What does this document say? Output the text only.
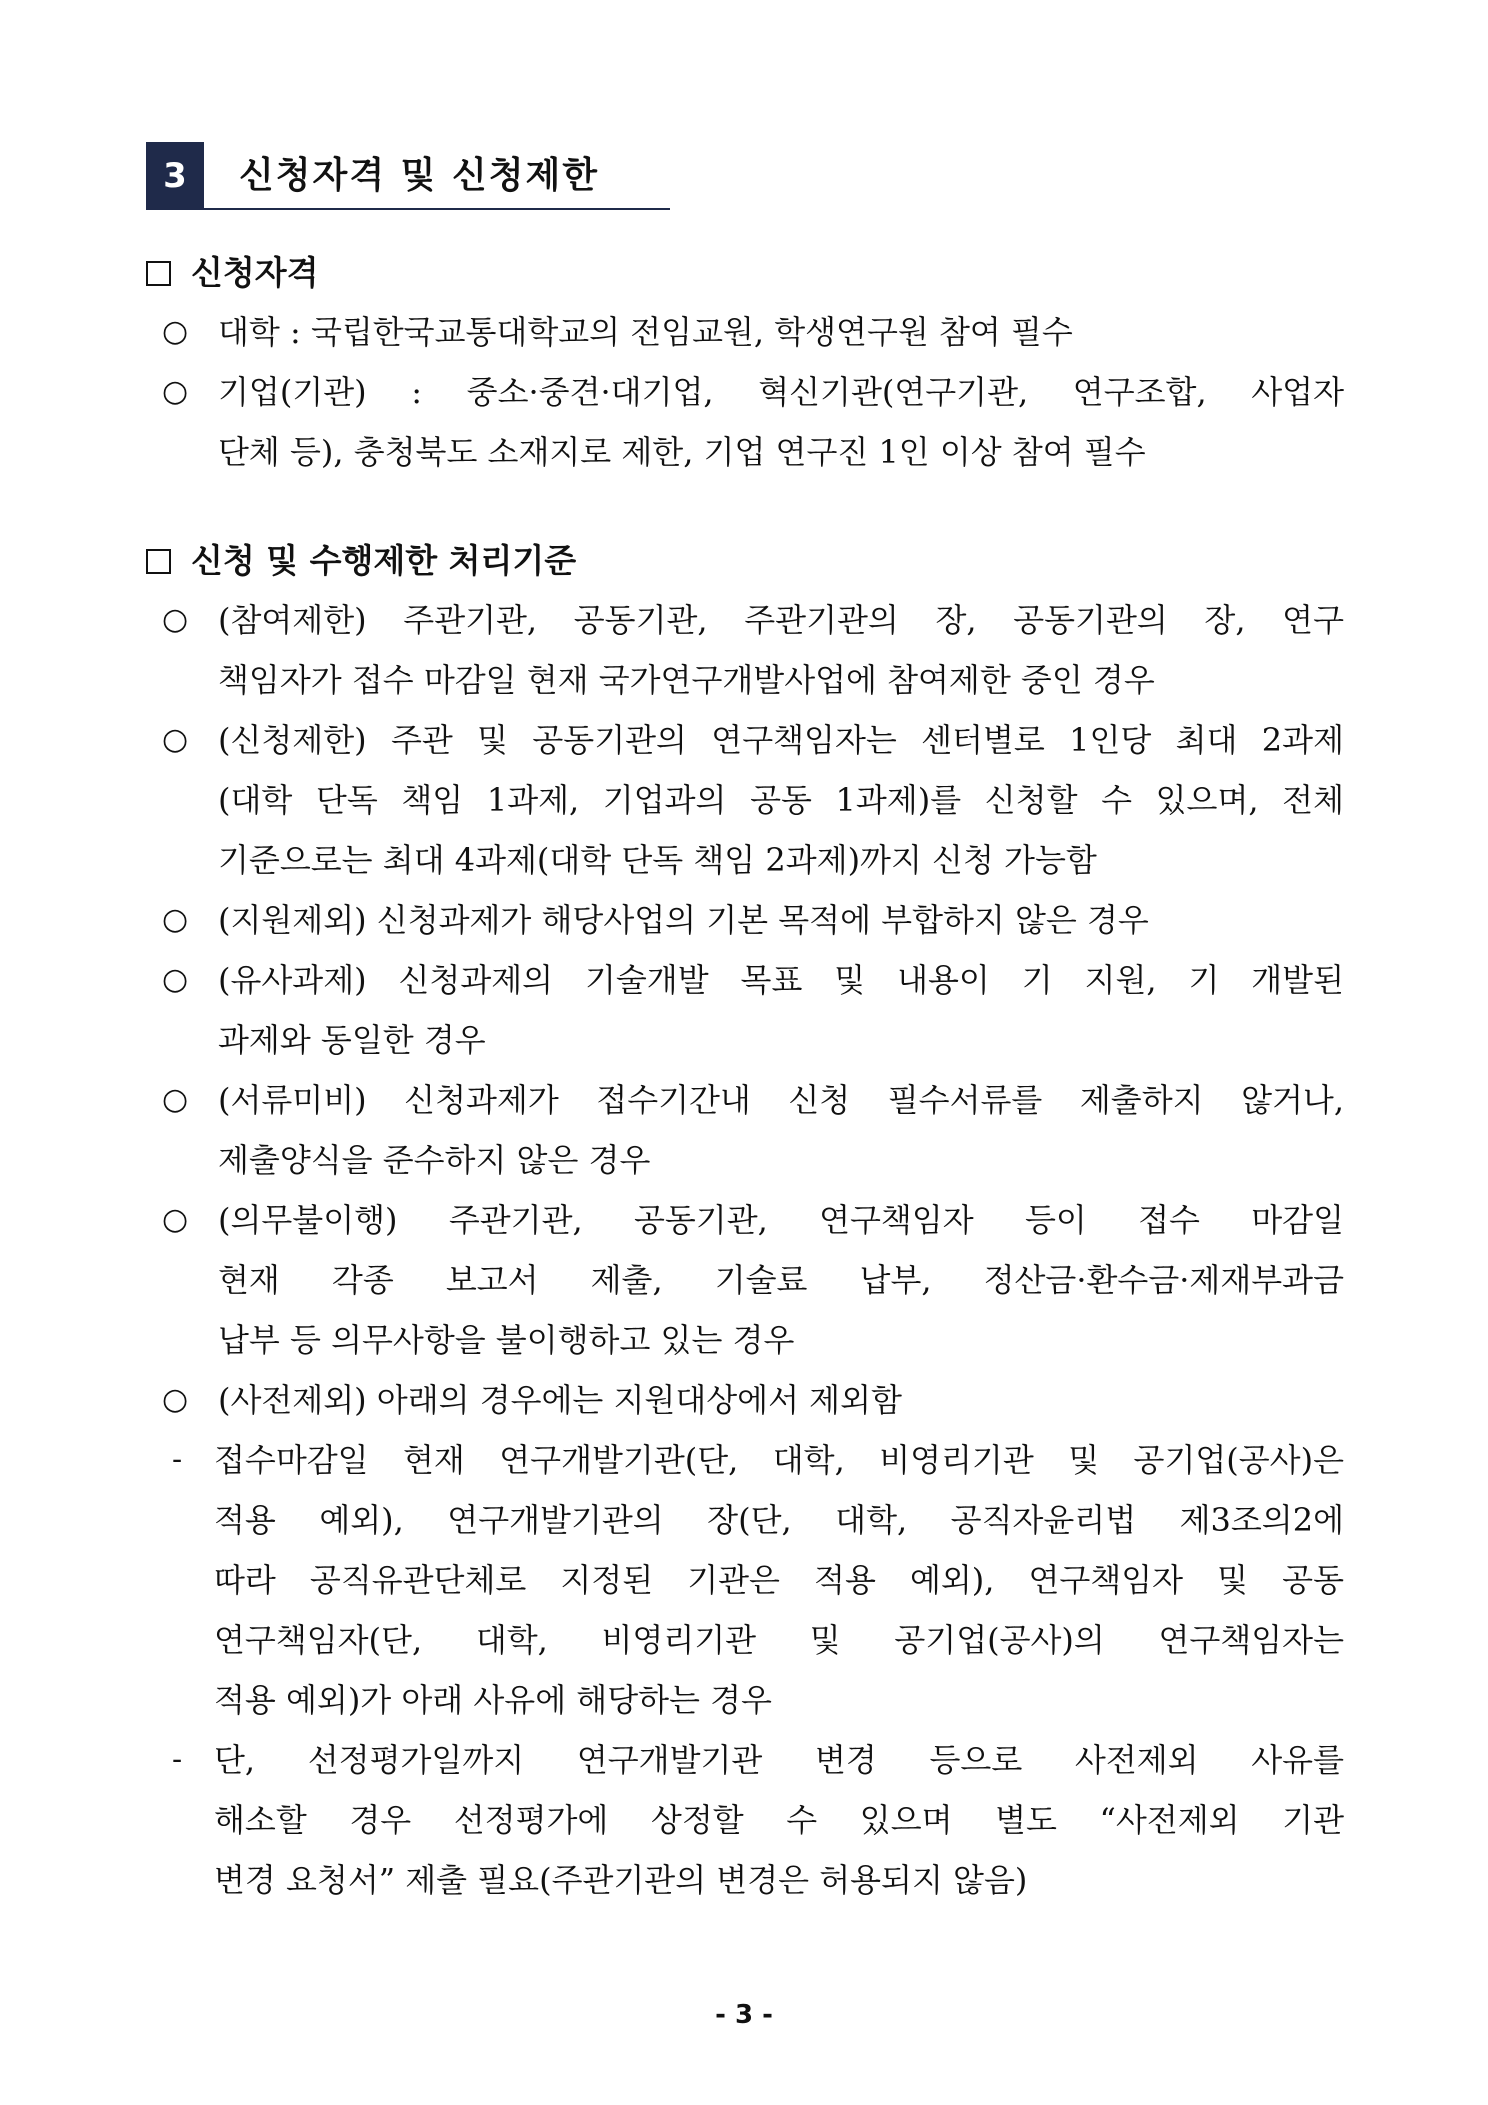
3	신청자격 및 신청제한
신청자격
○ 대학 : 국립한국교통대학교의 전임교원, 학생연구원 참여 필수
○ 기업(기관) : 중소·중견·대기업, 혁신기관(연구기관, 연구조합, 사업자
단체 등), 충청북도 소재지로 제한, 기업 연구진 1인 이상 참여 필수
신청 및 수행제한 처리기준
○ (참여제한) 주관기관, 공동기관, 주관기관의 장, 공동기관의 장, 연구
책임자가 접수 마감일 현재 국가연구개발사업에 참여제한 중인 경우
○ (신청제한) 주관 및 공동기관의 연구책임자는 센터별로 1인당 최대 2과제
(대학 단독 책임 1과제, 기업과의 공동 1과제)를 신청할 수 있으며, 전체
기준으로는 최대 4과제(대학 단독 책임 2과제)까지 신청 가능함
○ (지원제외) 신청과제가 해당사업의 기본 목적에 부합하지 않은 경우
○ (유사과제) 신청과제의 기술개발 목표 및 내용이 기 지원, 기 개발된
과제와 동일한 경우
○ (서류미비) 신청과제가 접수기간내 신청 필수서류를 제출하지 않거나,
제출양식을 준수하지 않은 경우
○ (의무불이행) 주관기관, 공동기관, 연구책임자 등이 접수 마감일
현재 각종 보고서 제출, 기술료 납부, 정산금·환수금·제재부과금
납부 등 의무사항을 불이행하고 있는 경우
○ (사전제외) 아래의 경우에는 지원대상에서 제외함
- 접수마감일 현재 연구개발기관(단, 대학, 비영리기관 및 공기업(공사)은
적용 예외), 연구개발기관의 장(단, 대학, 공직자윤리법 제3조의2에
따라 공직유관단체로 지정된 기관은 적용 예외), 연구책임자 및 공동
연구책임자(단, 대학, 비영리기관 및 공기업(공사)의 연구책임자는
적용 예외)가 아래 사유에 해당하는 경우
- 단, 선정평가일까지 연구개발기관 변경 등으로 사전제외 사유를
해소할 경우 선정평가에 상정할 수 있으며 별도 “사전제외 기관
변경 요청서” 제출 필요(주관기관의 변경은 허용되지 않음)
- 3 -
